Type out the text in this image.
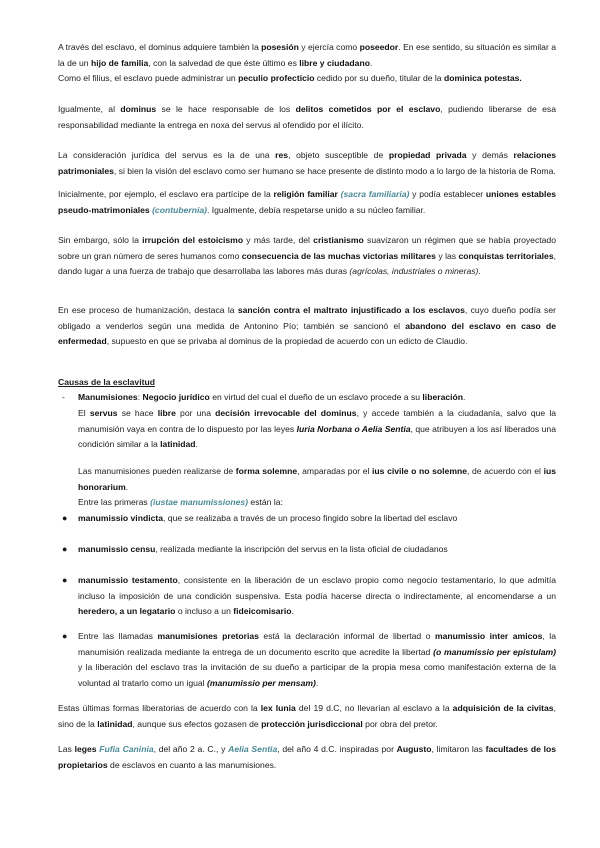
A través del esclavo, el dominus adquiere también la posesión y ejercía como poseedor. En ese sentido, su situación es similar a la de un hijo de familia, con la salvedad de que éste último es libre y ciudadano.

Como el filius, el esclavo puede administrar un peculio profecticio cedido por su dueño, titular de la dominica potestas.

Igualmente, al dominus se le hace responsable de los delitos cometidos por el esclavo, pudiendo liberarse de esa responsabilidad mediante la entrega en noxa del servus al ofendido por el ilícito.

La consideración jurídica del servus es la de una res, objeto susceptible de propiedad privada y demás relaciones patrimoniales, si bien la visión del esclavo como ser humano se hace presente de distinto modo a lo largo de la historia de Roma.

Inicialmente, por ejemplo, el esclavo era partícipe de la religión familiar (sacra familiaria) y podía establecer uniones estables pseudo-matrimoniales (contubernia). Igualmente, debía respetarse unido a su núcleo familiar.

Sin embargo, sólo la irrupción del estoicismo y más tarde, del cristianismo suavizaron un régimen que se había proyectado sobre un gran número de seres humanos como consecuencia de las muchas victorias militares y las conquistas territoriales, dando lugar a una fuerza de trabajo que desarrollaba las labores más duras (agrícolas, industriales o mineras).

En ese proceso de humanización, destaca la sanción contra el maltrato injustificado a los esclavos, cuyo dueño podía ser obligado a venderlos según una medida de Antonino Pío; también se sancionó el abandono del esclavo en caso de enfermedad, supuesto en que se privaba al dominus de la propiedad de acuerdo con un edicto de Claudio.

Causas de la esclavitud

- Manumisiones: Negocio jurídico en virtud del cual el dueño de un esclavo procede a su liberación.

El servus se hace libre por una decisión irrevocable del dominus, y accede también a la ciudadanía, salvo que la manumisión vaya en contra de lo dispuesto por las leyes Iuria Norbana o Aelia Sentia, que atribuyen a los así liberados una condición similar a la latinidad.

Las manumisiones pueden realizarse de forma solemne, amparadas por el ius civile o no solemne, de acuerdo con el ius honorarium.

Entre las primeras (iustae manumissiones) están la:

● manumissio vindicta, que se realizaba a través de un proceso fingido sobre la libertad del esclavo

● manumissio censu, realizada mediante la inscripción del servus en la lista oficial de ciudadanos

● manumissio testamento, consistente en la liberación de un esclavo propio como negocio testamentario, lo que admitía incluso la imposición de una condición suspensiva. Esta podía hacerse directa o indirectamente, al encomendarse a un heredero, a un legatario o incluso a un fideicomisario.

● Entre las llamadas manumisiones pretorias está la declaración informal de libertad o manumissio inter amicos, la manumisión realizada mediante la entrega de un documento escrito que acredite la libertad (o manumissio per epistulam) y la liberación del esclavo tras la invitación de su dueño a participar de la propia mesa como manifestación externa de la voluntad al tratarlo como un igual (manumissio per mensam).

Estas últimas formas liberatorias de acuerdo con la lex Iunia del 19 d.C, no llevarían al esclavo a la adquisición de la civitas, sino de la latinidad, aunque sus efectos gozasen de protección jurisdiccional por obra del pretor.

Las leges Fufia Caninia, del año 2 a. C., y Aelia Sentia, del año 4 d.C. inspiradas por Augusto, limitaron las facultades de los propietarios de esclavos en cuanto a las manumisiones.
